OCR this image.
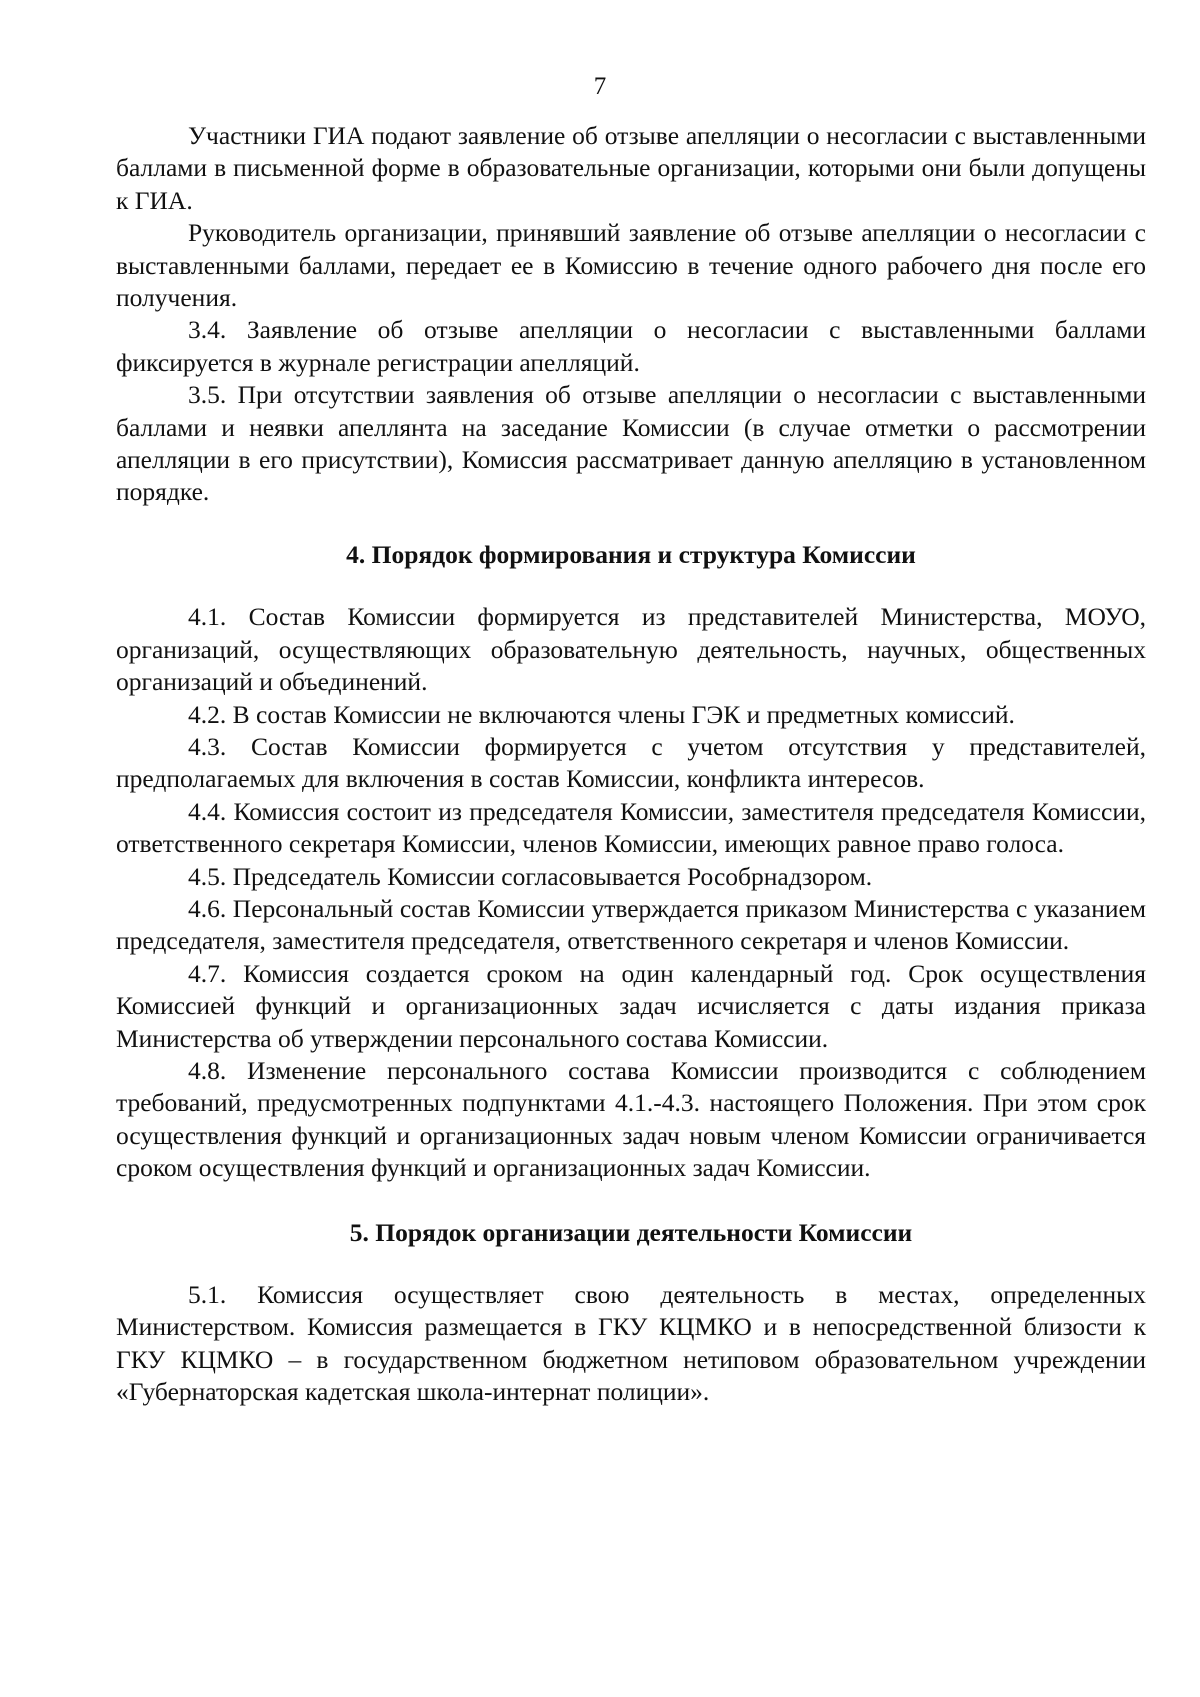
7

Участники ГИА подают заявление об отзыве апелляции о несогласии с выставленными баллами в письменной форме в образовательные организации, которыми они были допущены к ГИА.

Руководитель организации, принявший заявление об отзыве апелляции о несогласии с выставленными баллами, передает ее в Комиссию в течение одного рабочего дня после его получения.

3.4. Заявление об отзыве апелляции о несогласии с выставленными баллами фиксируется в журнале регистрации апелляций.

3.5. При отсутствии заявления об отзыве апелляции о несогласии с выставленными баллами и неявки апеллянта на заседание Комиссии (в случае отметки о рассмотрении апелляции в его присутствии), Комиссия рассматривает данную апелляцию в установленном порядке.

4. Порядок формирования и структура Комиссии

4.1. Состав Комиссии формируется из представителей Министерства, МОУО, организаций, осуществляющих образовательную деятельность, научных, общественных организаций и объединений.

4.2. В состав Комиссии не включаются члены ГЭК и предметных комиссий.

4.3. Состав Комиссии формируется с учетом отсутствия у представителей, предполагаемых для включения в состав Комиссии, конфликта интересов.

4.4. Комиссия состоит из председателя Комиссии, заместителя председателя Комиссии, ответственного секретаря Комиссии, членов Комиссии, имеющих равное право голоса.

4.5. Председатель Комиссии согласовывается Рособрнадзором.

4.6. Персональный состав Комиссии утверждается приказом Министерства с указанием председателя, заместителя председателя, ответственного секретаря и членов Комиссии.

4.7. Комиссия создается сроком на один календарный год. Срок осуществления Комиссией функций и организационных задач исчисляется с даты издания приказа Министерства об утверждении персонального состава Комиссии.

4.8. Изменение персонального состава Комиссии производится с соблюдением требований, предусмотренных подпунктами 4.1.-4.3. настоящего Положения. При этом срок осуществления функций и организационных задач новым членом Комиссии ограничивается сроком осуществления функций и организационных задач Комиссии.

5. Порядок организации деятельности Комиссии

5.1. Комиссия осуществляет свою деятельность в местах, определенных Министерством. Комиссия размещается в ГКУ КЦМКО и в непосредственной близости к ГКУ КЦМКО – в государственном бюджетном нетиповом образовательном учреждении «Губернаторская кадетская школа-интернат полиции».
